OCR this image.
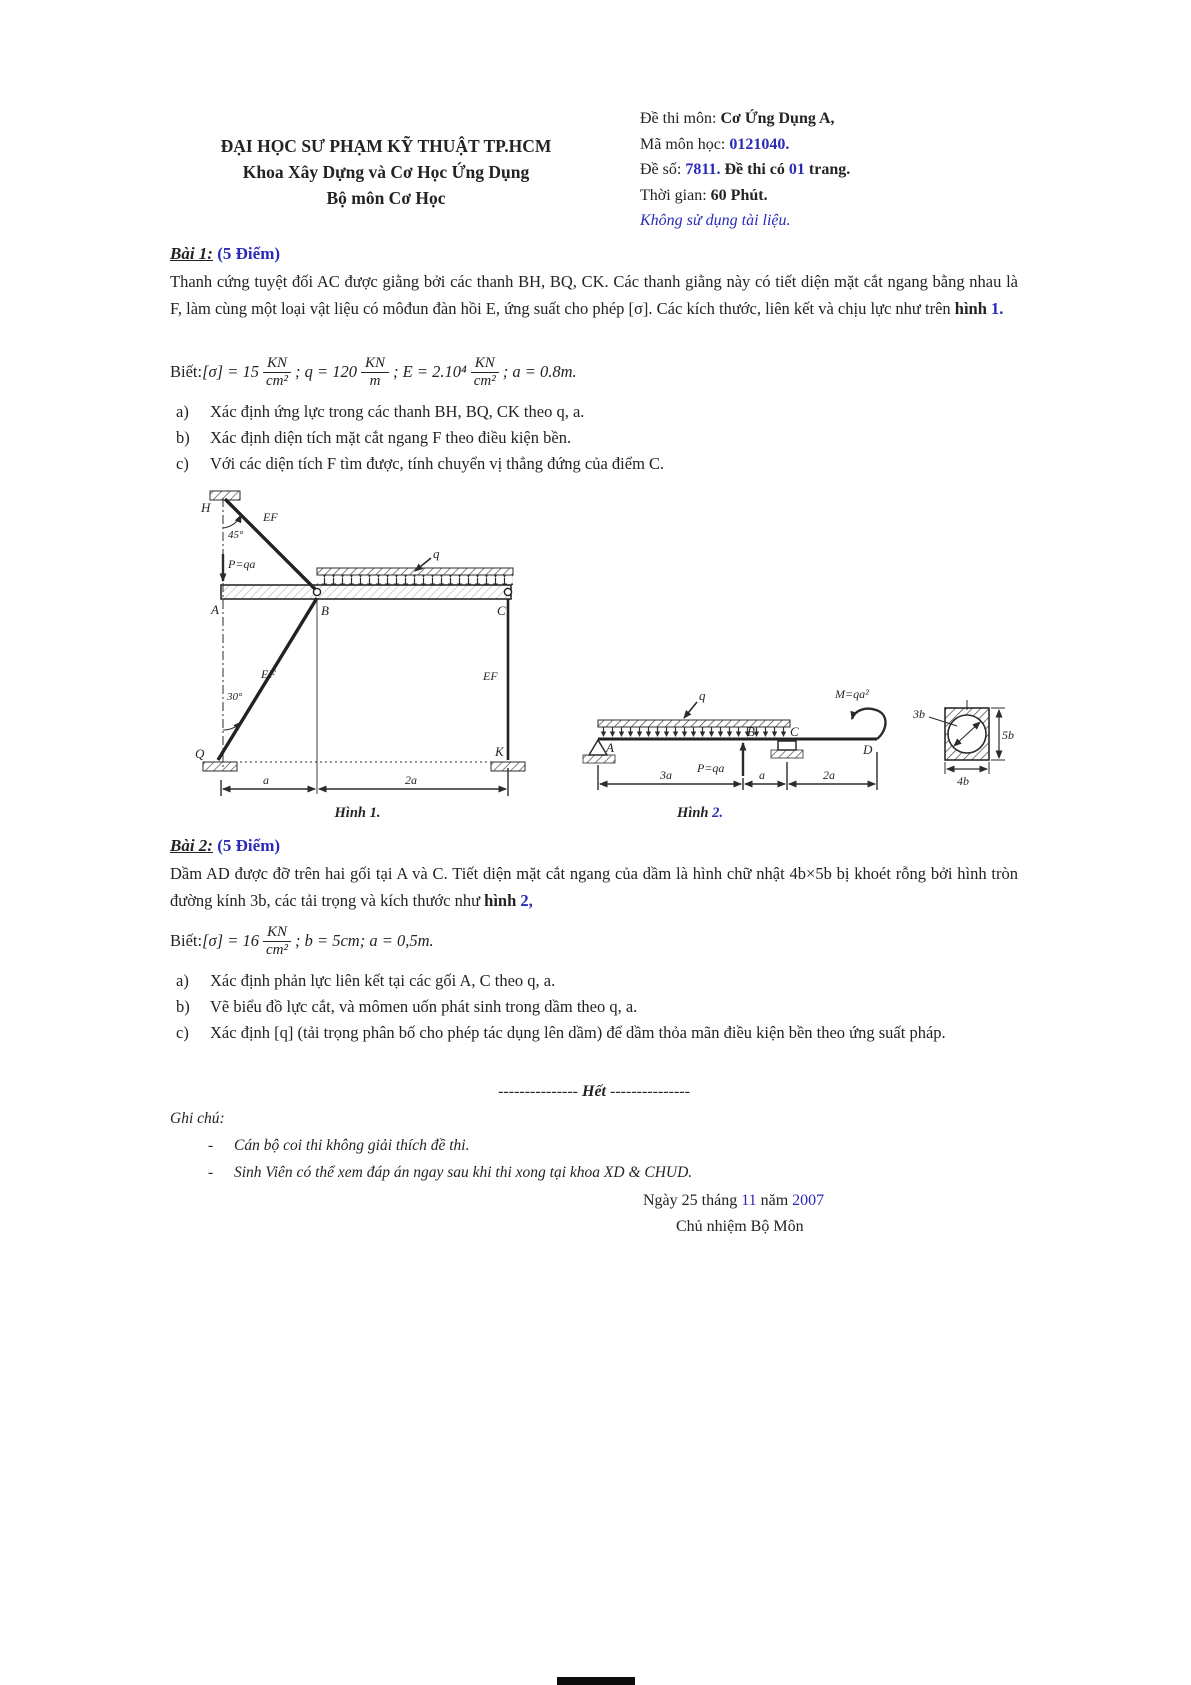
ĐẠI HỌC SƯ PHẠM KỸ THUẬT TP.HCM
Khoa Xây Dựng và Cơ Học Ứng Dụng
Bộ môn Cơ Học
Đề thi môn: Cơ Ứng Dụng A,
Mã môn học: 0121040.
Đề số: 7811. Đề thi có 01 trang.
Thời gian: 60 Phút.
Không sử dụng tài liệu.
Bài 1: (5 Điểm)
Thanh cứng tuyệt đối AC được giằng bởi các thanh BH, BQ, CK. Các thanh giằng này có tiết diện mặt cắt ngang bằng nhau là F, làm cùng một loại vật liệu có môđun đàn hồi E, ứng suất cho phép [σ]. Các kích thước, liên kết và chịu lực như trên hình 1.
Biết: $[\sigma] = 15 \frac{KN}{\text{cm²}}$ ; $q = 120 \frac{KN}{m}$ ; $E = 2.10^4 \frac{KN}{\text{cm²}}$ ; a = 0.8m.
a)	Xác định ứng lực trong các thanh BH, BQ, CK theo q, a.
b)	Xác định diện tích mặt cắt ngang F theo điều kiện bền.
c)	Với các diện tích F tìm được, tính chuyển vị thẳng đứng của điểm C.
H
A	B	C
Q	K
EF
EF	EF
45°
30°
P=qa
q
a	2a
Hình 1.
A
B	C
D
q
P=qa
M=qa²
3a	a	2a
3b
5b
4b
Hình 2.
Bài 2: (5 Điểm)
Dầm AD được đỡ trên hai gối tại A và C. Tiết diện mặt cắt ngang của dầm là hình chữ nhật 4b×5b bị khoét rỗng bởi hình tròn đường kính 3b, các tải trọng và kích thước như hình 2,
Biết: $[\sigma] = 16 \frac{KN}{\text{cm²}}$ ; b = 5cm; a = 0,5m.
a)	Xác định phản lực liên kết tại các gối A, C theo q, a.
b)	Vẽ biểu đồ lực cắt, và mômen uốn phát sinh trong dầm theo q, a.
c)	Xác định [q] (tải trọng phân bố cho phép tác dụng lên dầm) để dầm thỏa mãn điều kiện bền theo ứng suất pháp.
--------------- Hết ---------------
Ghi chú:
-	Cán bộ coi thi không giải thích đề thi.
-	Sinh Viên có thể xem đáp án ngay sau khi thi xong tại khoa XD & CHUD.
Ngày 25 tháng 11 năm 2007
Chủ nhiệm Bộ Môn
